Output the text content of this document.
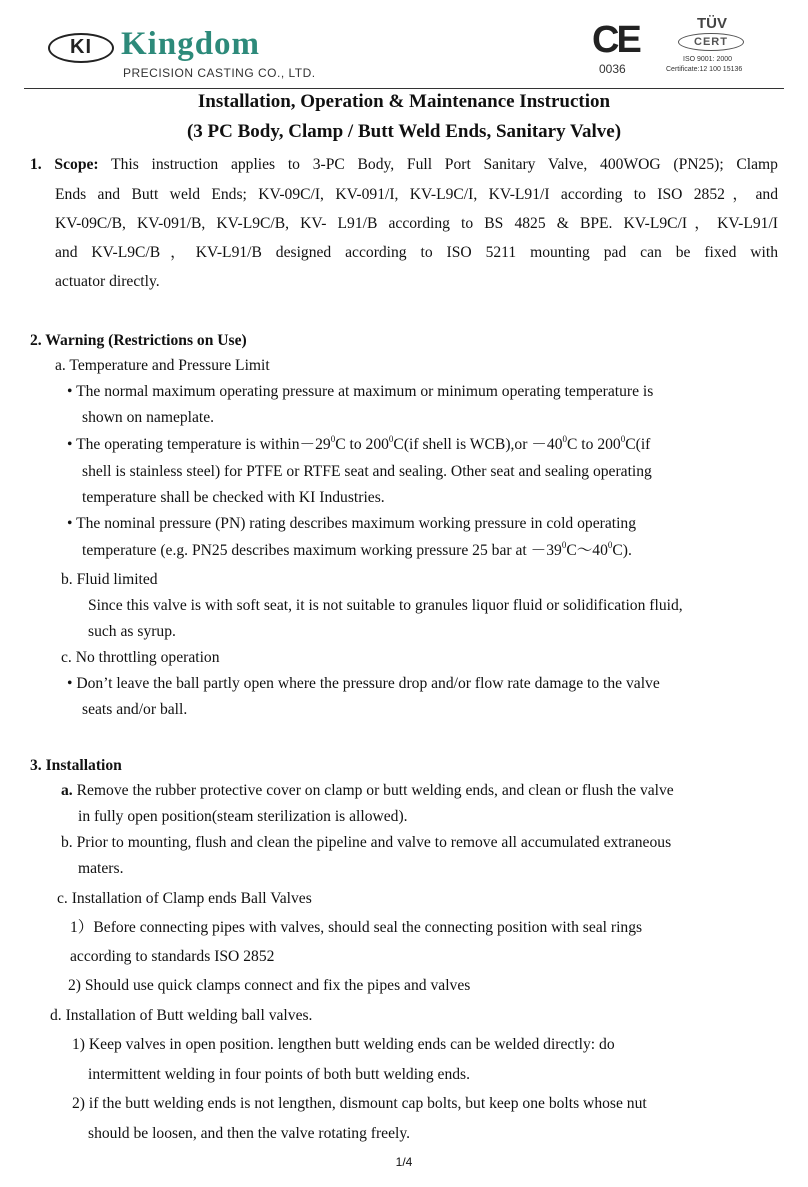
KI Kingdom
PRECISION CASTING CO., LTD.
CE
0036
TÜV
CERT
ISO 9001: 2000
Certificate:12 100 15136
Installation, Operation & Maintenance Instruction
(3 PC Body, Clamp / Butt Weld Ends, Sanitary Valve)
1. Scope: This instruction applies to 3-PC Body, Full Port Sanitary Valve, 400WOG (PN25); Clamp
Ends and Butt weld Ends; KV-09C/I, KV-091/I, KV-L9C/I, KV-L91/I according to ISO 2852，and
KV-09C/B, KV-091/B, KV-L9C/B, KV- L91/B according to BS 4825 & BPE. KV-L9C/I，KV-L91/I
and KV-L9C/B，KV-L91/B designed according to ISO 5211 mounting pad can be fixed with
actuator directly.
2. Warning (Restrictions on Use)
a. Temperature and Pressure Limit
• The normal maximum operating pressure at maximum or minimum operating temperature is
shown on nameplate.
• The operating temperature is $within-29^0C$ to $200^0C(if$ shell is $WCB),or -40^0C$ to $200^0C(if$
shell is stainless steel) for PTFE or RTFE seat and sealing. Other seat and sealing operating
temperature shall be checked with KI Industries.
• The nominal pressure (PN) rating describes maximum working pressure in cold operating
temperature (e.g. PN25 describes maximum working pressure 25 bar at $-39^0C\sim 40^0C$).
b. Fluid limited
Since this valve is with soft seat, it is not suitable to granules liquor fluid or solidification fluid,
such as syrup.
c. No throttling operation
• Don’t leave the ball partly open where the pressure drop and/or flow rate damage to the valve
seats and/or ball.
3. Installation
a. Remove the rubber protective cover on clamp or butt welding ends, and clean or flush the valve
in fully open position(steam sterilization is allowed).
b. Prior to mounting, flush and clean the pipeline and valve to remove all accumulated extraneous
maters.
c. Installation of Clamp ends Ball Valves
1）Before connecting pipes with valves, should seal the connecting position with seal rings
according to standards ISO 2852
2) Should use quick clamps connect and fix the pipes and valves
d. Installation of Butt welding ball valves.
1) Keep valves in open position. lengthen butt welding ends can be welded directly: do
intermittent welding in four points of both butt welding ends.
2) if the butt welding ends is not lengthen, dismount cap bolts, but keep one bolts whose nut
should be loosen, and then the valve rotating freely.
1/4
